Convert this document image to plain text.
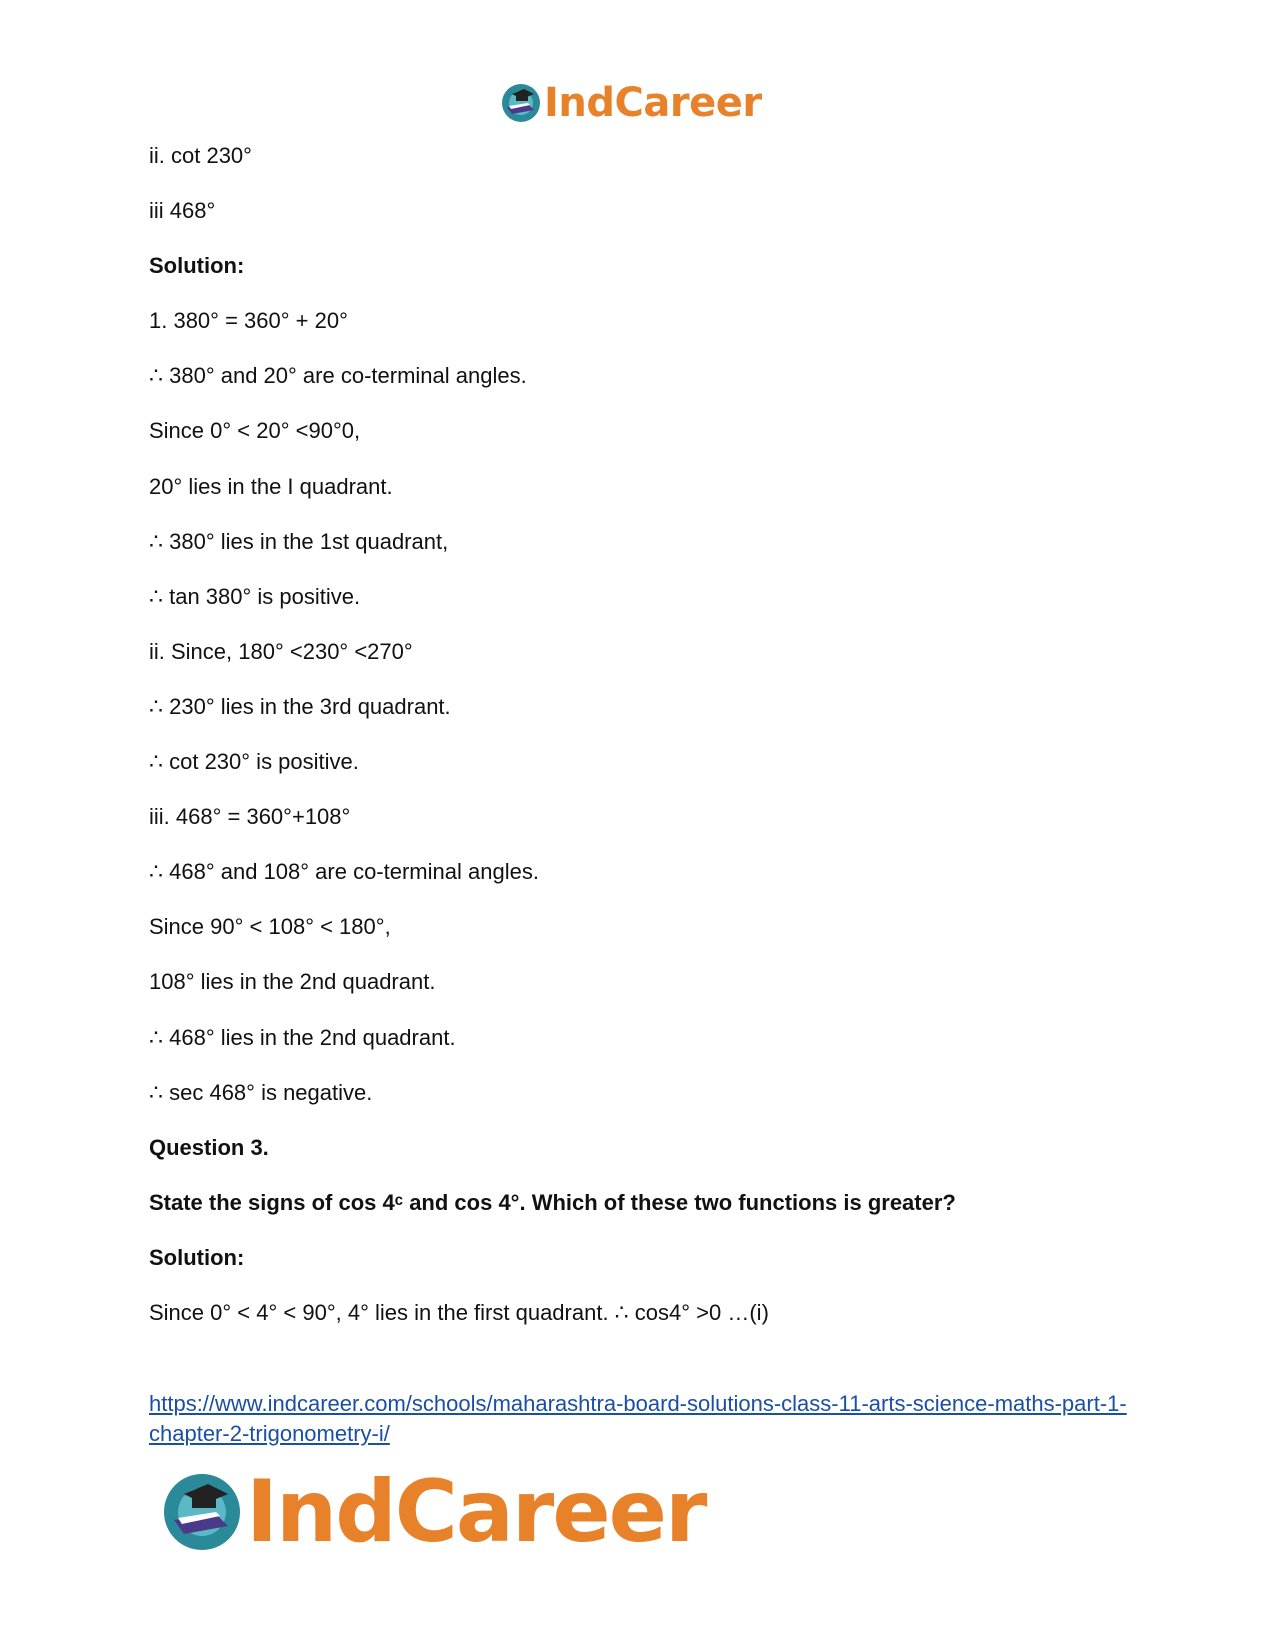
IndCareer
ii. cot 230°
iii 468°
Solution:
1. 380° = 360° + 20°
∴ 380° and 20° are co-terminal angles.
Since 0° < 20° <90°0,
20° lies in the I quadrant.
∴ 380° lies in the 1st quadrant,
∴ tan 380° is positive.
ii. Since, 180° <230° <270°
∴ 230° lies in the 3rd quadrant.
∴ cot 230° is positive.
iii. 468° = 360°+108°
∴ 468° and 108° are co-terminal angles.
Since 90° < 108° < 180°,
108° lies in the 2nd quadrant.
∴ 468° lies in the 2nd quadrant.
∴ sec 468° is negative.
Question 3.
State the signs of cos 4ᶜ and cos 4°. Which of these two functions is greater?
Solution:
Since 0° < 4° < 90°, 4° lies in the first quadrant. ∴ cos4° >0 …(i)
https://www.indcareer.com/schools/maharashtra-board-solutions-class-11-arts-science-maths-part-1-chapter-2-trigonometry-i/
IndCareer
